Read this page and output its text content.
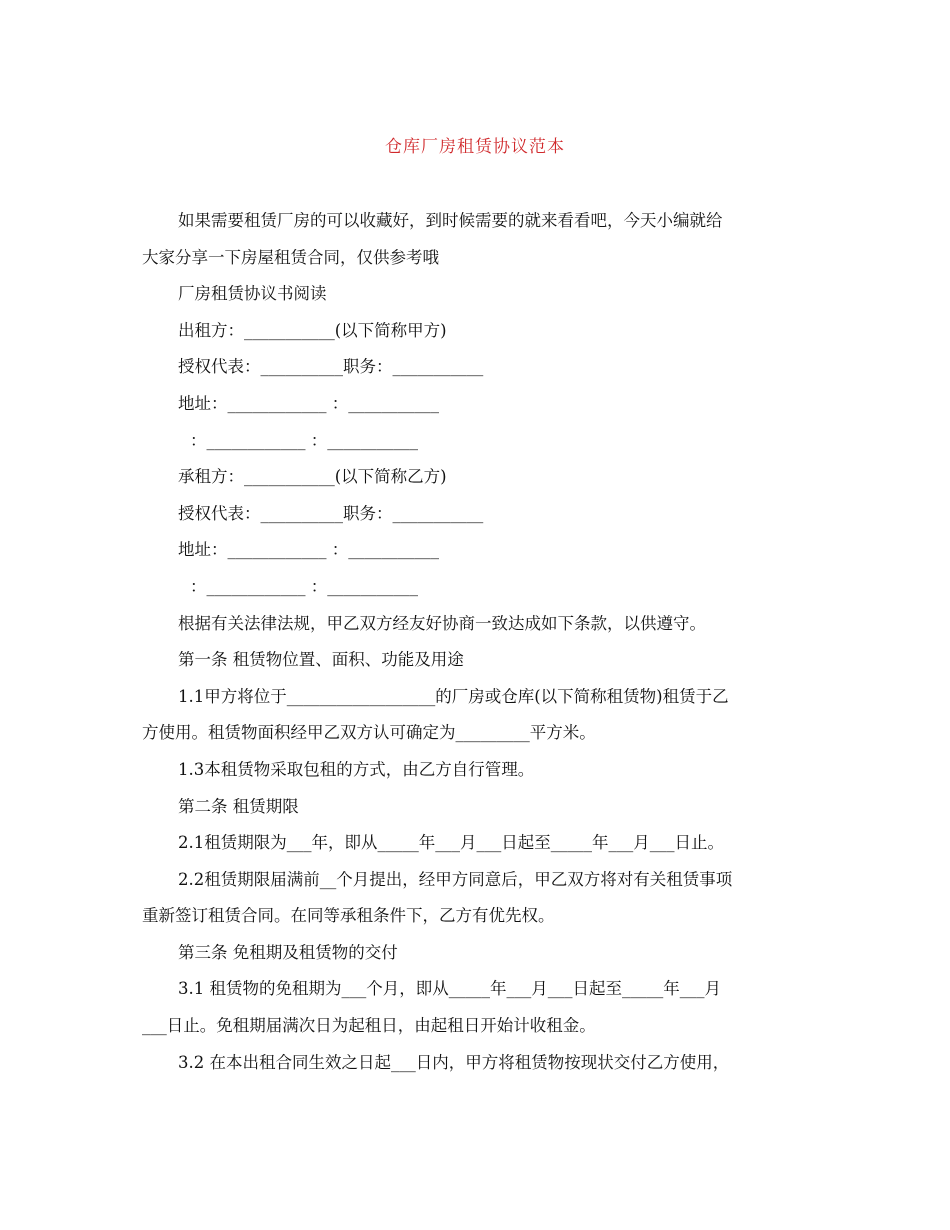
仓库厂房租赁协议范本
如果需要租赁厂房的可以收藏好，到时候需要的就来看看吧，今天小编就给
大家分享一下房屋租赁合同，仅供参考哦
厂房租赁协议书阅读
出租方：___________(以下简称甲方)
授权代表：__________职务：___________
地址：____________ ：___________
：____________ ：___________
承租方：___________(以下简称乙方)
授权代表：__________职务：___________
地址：____________ ：___________
：____________ ：___________
根据有关法律法规，甲乙双方经友好协商一致达成如下条款，以供遵守。
第一条 租赁物位置、面积、功能及用途
1.1甲方将位于__________________的厂房或仓库(以下简称租赁物)租赁于乙
方使用。租赁物面积经甲乙双方认可确定为_________平方米。
1.3本租赁物采取包租的方式，由乙方自行管理。
第二条 租赁期限
2.1租赁期限为___年，即从_____年___月___日起至_____年___月___日止。
2.2租赁期限届满前__个月提出，经甲方同意后，甲乙双方将对有关租赁事项
重新签订租赁合同。在同等承租条件下，乙方有优先权。
第三条 免租期及租赁物的交付
3.1 租赁物的免租期为___个月，即从_____年___月___日起至_____年___月
___日止。免租期届满次日为起租日，由起租日开始计收租金。
3.2 在本出租合同生效之日起___日内，甲方将租赁物按现状交付乙方使用，
